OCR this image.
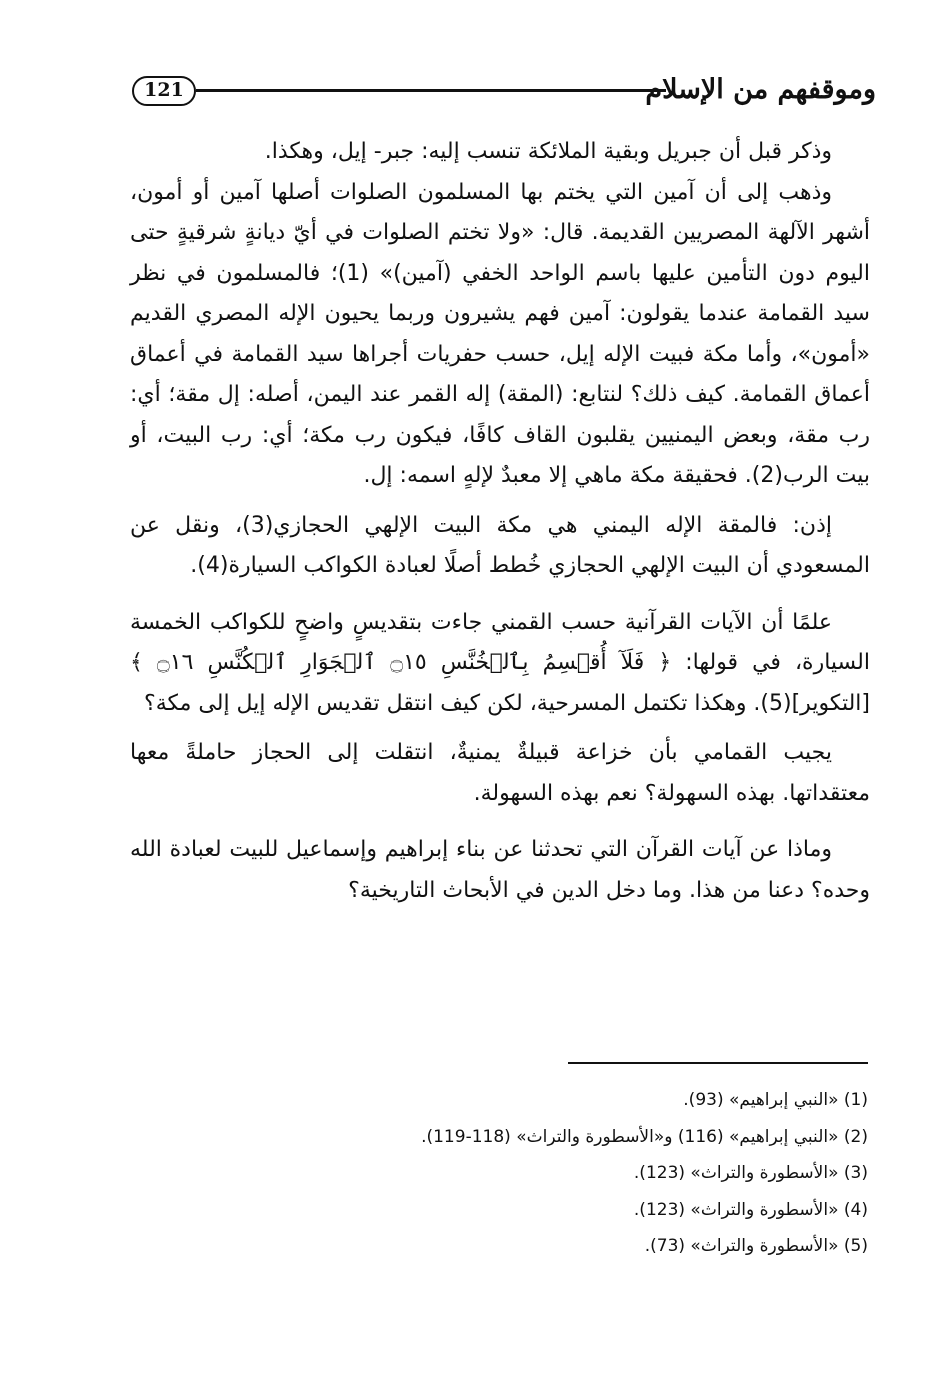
121	وموقفهم من الإسلام

وذكر قبل أن جبريل وبقية الملائكة تنسب إليه: جبر- إيل، وهكذا.

وذهب إلى أن آمين التي يختم بها المسلمون الصلوات أصلها آمين أو أمون، أشهر الآلهة المصريين القديمة. قال: «ولا تختم الصلوات في أيّ ديانةٍ شرقيةٍ حتى اليوم دون التأمين عليها باسم الواحد الخفي (آمين)» (1)؛ فالمسلمون في نظر سيد القمامة عندما يقولون: آمين فهم يشيرون وربما يحيون الإله المصري القديم «أمون»، وأما مكة فبيت الإله إيل، حسب حفريات أجراها سيد القمامة في أعماق أعماق القمامة. كيف ذلك؟ لنتابع: (المقة) إله القمر عند اليمن، أصله: إل مقة؛ أي: رب مقة، وبعض اليمنيين يقلبون القاف كافًا، فيكون رب مكة؛ أي: رب البيت، أو بيت الرب(2). فحقيقة مكة ماهي إلا معبدٌ لإلهٍ اسمه: إل.

إذن: فالمقة الإله اليمني هي مكة البيت الإلهي الحجازي(3)، ونقل عن المسعودي أن البيت الإلهي الحجازي خُطط أصلًا لعبادة الكواكب السيارة(4).

علمًا أن الآيات القرآنية حسب القمني جاءت بتقديسٍ واضحٍ للكواكب الخمسة السيارة، في قولها: ﴿ فَلَآ أُقۡسِمُ بِٱلۡخُنَّسِ ۝١٥ ٱلۡجَوَارِ ٱلۡكُنَّسِ ۝١٦ ﴾ [التكوير](5). وهكذا تكتمل المسرحية، لكن كيف انتقل تقديس الإله إيل إلى مكة؟

يجيب القمامي بأن خزاعة قبيلةٌ يمنيةٌ، انتقلت إلى الحجاز حاملةً معها معتقداتها. بهذه السهولة؟ نعم بهذه السهولة.

وماذا عن آيات القرآن التي تحدثنا عن بناء إبراهيم وإسماعيل للبيت لعبادة الله وحده؟ دعنا من هذا. وما دخل الدين في الأبحاث التاريخية؟

(1) «النبي إبراهيم» (93).
(2) «النبي إبراهيم» (116) و«الأسطورة والتراث» (118-119).
(3) «الأسطورة والتراث» (123).
(4) «الأسطورة والتراث» (123).
(5) «الأسطورة والتراث» (73).
